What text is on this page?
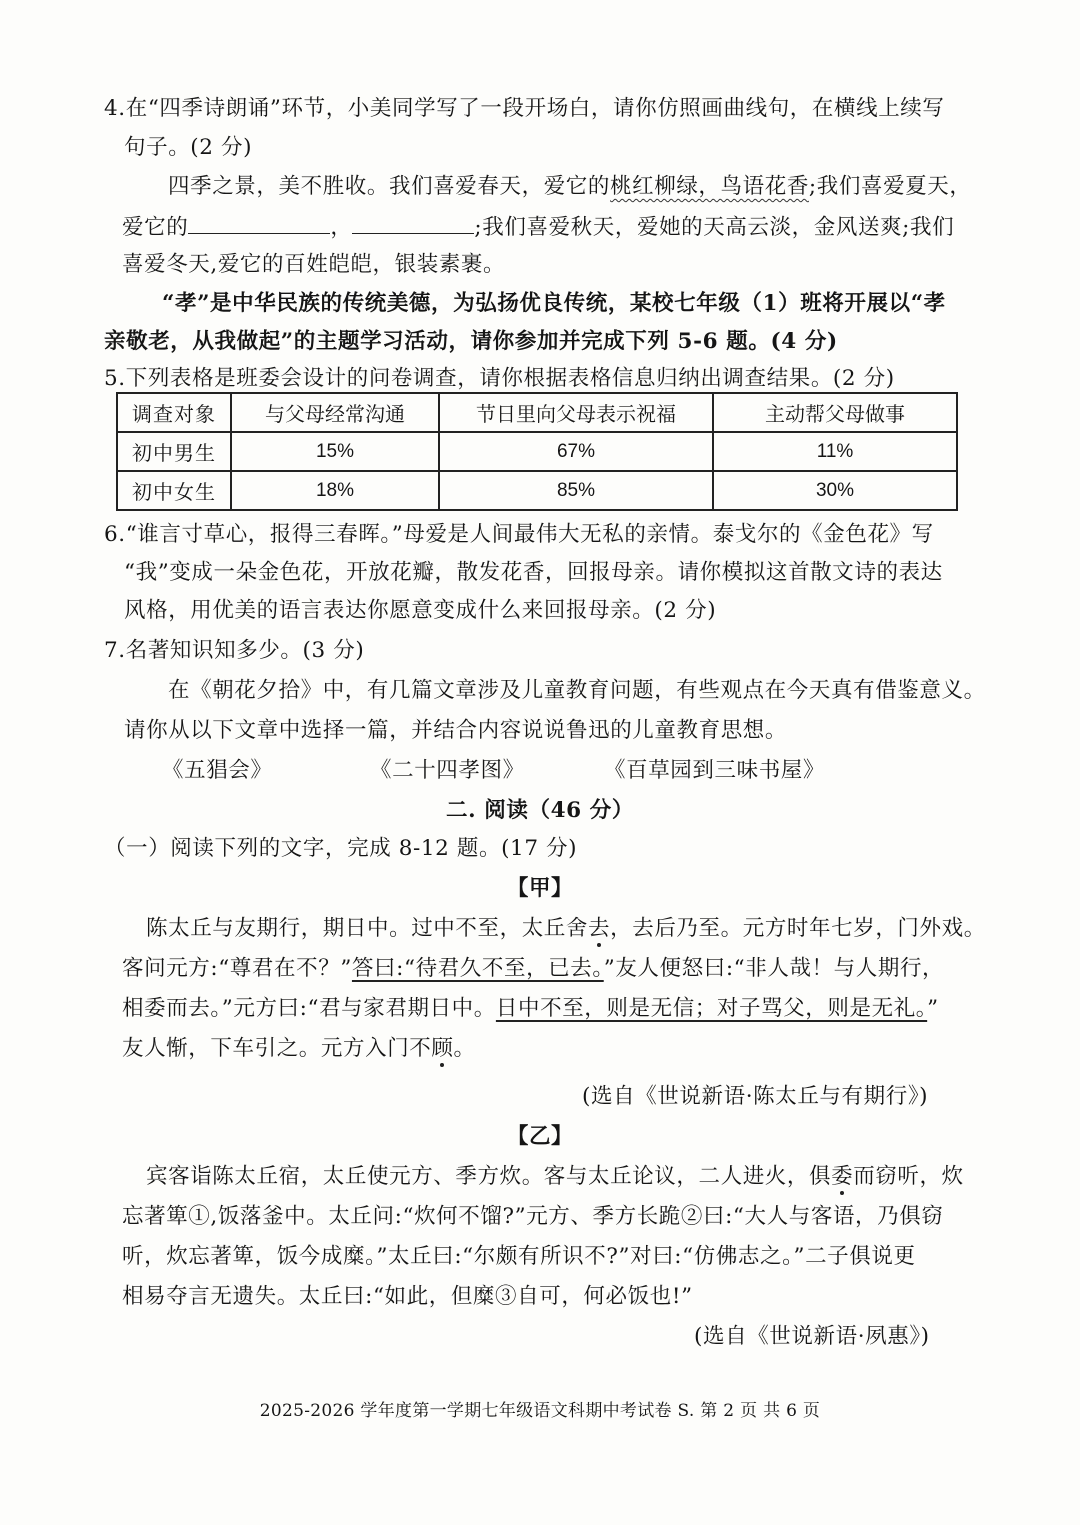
4.在“四季诗朗诵”环节，小美同学写了一段开场白，请你仿照画曲线句，在横线上续写
句子。(2 分)
四季之景，美不胜收。我们喜爱春天，爱它的桃红柳绿，鸟语花香;我们喜爱夏天，
爱它的	，	;我们喜爱秋天，爱她的天高云淡，金风送爽;我们
喜爱冬天,爱它的百姓皑皑，银装素裹。
“孝”是中华民族的传统美德，为弘扬优良传统，某校七年级（1）班将开展以“孝
亲敬老，从我做起”的主题学习活动，请你参加并完成下列 5-6 题。(4 分)
5.下列表格是班委会设计的问卷调查，请你根据表格信息归纳出调查结果。(2 分)
调查对象	与父母经常沟通	节日里向父母表示祝福	主动帮父母做事
初中男生	15%	67%	11%
初中女生	18%	85%	30%
6.“谁言寸草心，报得三春晖。”母爱是人间最伟大无私的亲情。泰戈尔的《金色花》写
“我”变成一朵金色花，开放花瓣，散发花香，回报母亲。请你模拟这首散文诗的表达
风格，用优美的语言表达你愿意变成什么来回报母亲。(2 分)
7.名著知识知多少。(3 分)
在《朝花夕拾》中，有几篇文章涉及儿童教育问题，有些观点在今天真有借鉴意义。
请你从以下文章中选择一篇，并结合内容说说鲁迅的儿童教育思想。
《五猖会》	《二十四孝图》	《百草园到三味书屋》
二. 阅读（46 分）
（一）阅读下列的文字，完成 8-12 题。(17 分)
【甲】
陈太丘与友期行，期日中。过中不至，太丘舍去，去后乃至。元方时年七岁，门外戏。
客问元方:“尊君在不？”答曰:“待君久不至，已去。”友人便怒曰:“非人哉！与人期行，
相委而去。”元方曰:“君与家君期日中。日中不至，则是无信；对子骂父，则是无礼。”
友人惭，下车引之。元方入门不顾。
(选自《世说新语·陈太丘与有期行》)
【乙】
宾客诣陈太丘宿，太丘使元方、季方炊。客与太丘论议，二人进火，俱委而窃听，炊
忘著箄①,饭落釜中。太丘问:“炊何不馏?”元方、季方长跪②曰:“大人与客语，乃俱窃
听，炊忘著箄，饭今成糜。”太丘曰:“尔颇有所识不?”对曰:“仿佛志之。”二子俱说更
相易夺言无遗失。太丘曰:“如此，但糜③自可，何必饭也!”
(选自《世说新语·夙惠》)
2025-2026 学年度第一学期七年级语文科期中考试卷 S. 第 2 页 共 6 页
